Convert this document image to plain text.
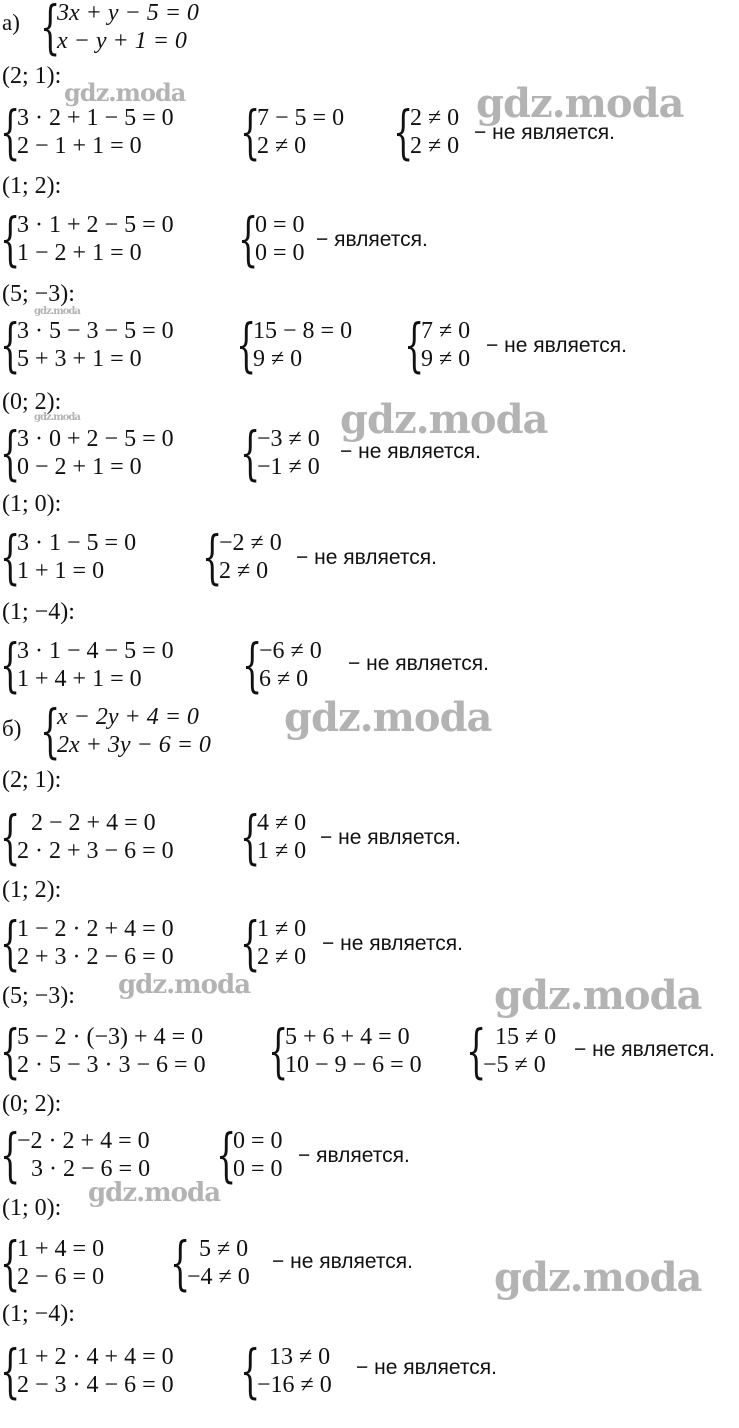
а) {
3x + y − 5 = 0
x − y + 1 = 0
(2; 1):
{
3 · 2 + 1 − 5 = 0
2 − 1 + 1 = 0	{
7 − 5 = 0
2 ≠ 0	{
2 ≠ 0
2 ≠ 0
− не является.
(1; 2):
{
3 · 1 + 2 − 5 = 0
1 − 2 + 1 = 0	{
0 = 0
0 = 0
− является.
(5; −3):
{
3 · 5 − 3 − 5 = 0
5 + 3 + 1 = 0	{
15 − 8 = 0
9 ≠ 0	{
7 ≠ 0
9 ≠ 0
− не является.
(0; 2):
{
3 · 0 + 2 − 5 = 0
0 − 2 + 1 = 0	{
−3 ≠ 0
−1 ≠ 0
− не является.
(1; 0):
{
3 · 1 − 5 = 0
1 + 1 = 0	{
−2 ≠ 0
2 ≠ 0
− не является.
(1; −4):
{
3 · 1 − 4 − 5 = 0
1 + 4 + 1 = 0	{
−6 ≠ 0
6 ≠ 0
− не является.
б) {
x − 2y + 4 = 0
2x + 3y − 6 = 0
(2; 1):
{ 2 − 2 + 4 = 0
2 · 2 + 3 − 6 = 0 {
4 ≠ 0
1 ≠ 0
− не является.
(1; 2):
{
1 − 2 · 2 + 4 = 0
2 + 3 · 2 − 6 = 0 {
1 ≠ 0
2 ≠ 0
− не является.
(5; −3):
{
5 − 2 · (−3) + 4 = 0
2 · 5 − 3 · 3 − 6 = 0 {
5 + 6 + 4 = 0
10 − 9 − 6 = 0 { 15 ≠ 0
−5 ≠ 0
− не является.
(0; 2):
{
−2 · 2 + 4 = 0
3 · 2 − 6 = 0 {
0 = 0
0 = 0
− является.
(1; 0):
{
1 + 4 = 0
2 − 6 = 0 { 5 ≠ 0
−4 ≠ 0
− не является.
(1; −4):
{
1 + 2 · 4 + 4 = 0
2 − 3 · 4 − 6 = 0 { 13 ≠ 0
−16 ≠ 0
− не является.
gdz.moda	gdz.moda
gdz.moda
gdz.moda	gdz.moda
gdz.moda
gdz.moda	gdz.moda
gdz.moda
gdz.moda
